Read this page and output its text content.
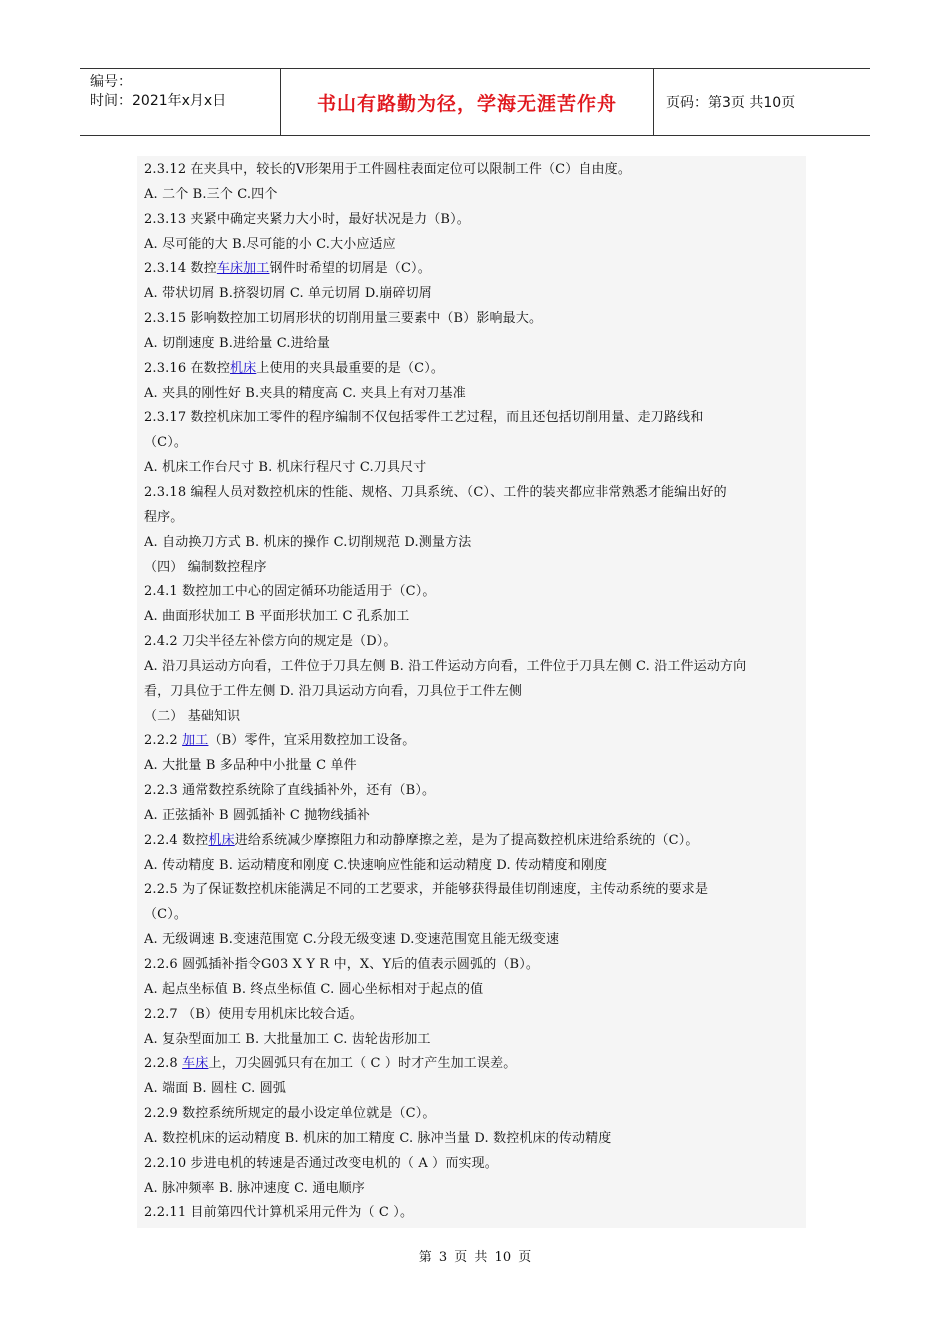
编号：
时间：2021年x月x日	书山有路勤为径，学海无涯苦作舟	页码：第3页 共10页
2.3.12 在夹具中，较长的V形架用于工件圆柱表面定位可以限制工件（C）自由度。
A. 二个 B.三个 C.四个
2.3.13 夹紧中确定夹紧力大小时，最好状况是力（B）。
A. 尽可能的大 B.尽可能的小 C.大小应适应
2.3.14 数控车床加工钢件时希望的切屑是（C）。
A. 带状切屑 B.挤裂切屑 C. 单元切屑 D.崩碎切屑
2.3.15 影响数控加工切屑形状的切削用量三要素中（B）影响最大。
A. 切削速度 B.进给量 C.进给量
2.3.16 在数控机床上使用的夹具最重要的是（C）。
A. 夹具的刚性好 B.夹具的精度高 C. 夹具上有对刀基准
2.3.17 数控机床加工零件的程序编制不仅包括零件工艺过程，而且还包括切削用量、走刀路线和
（C）。
A. 机床工作台尺寸 B. 机床行程尺寸 C.刀具尺寸
2.3.18 编程人员对数控机床的性能、规格、刀具系统、（C）、工件的装夹都应非常熟悉才能编出好的
程序。
A. 自动换刀方式 B. 机床的操作 C.切削规范 D.测量方法
（四） 编制数控程序
2.4.1 数控加工中心的固定循环功能适用于（C）。
A. 曲面形状加工 B 平面形状加工 C 孔系加工
2.4.2 刀尖半径左补偿方向的规定是（D）。
A. 沿刀具运动方向看，工件位于刀具左侧 B. 沿工件运动方向看，工件位于刀具左侧 C. 沿工件运动方向
看，刀具位于工件左侧 D. 沿刀具运动方向看，刀具位于工件左侧
（二） 基础知识
2.2.2 加工（B）零件，宜采用数控加工设备。
A. 大批量 B 多品种中小批量 C 单件
2.2.3 通常数控系统除了直线插补外，还有（B）。
A. 正弦插补 B 圆弧插补 C 抛物线插补
2.2.4 数控机床进给系统减少摩擦阻力和动静摩擦之差，是为了提高数控机床进给系统的（C）。
A. 传动精度 B. 运动精度和刚度 C.快速响应性能和运动精度 D. 传动精度和刚度
2.2.5 为了保证数控机床能满足不同的工艺要求，并能够获得最佳切削速度，主传动系统的要求是
（C）。
A. 无级调速 B.变速范围宽 C.分段无级变速 D.变速范围宽且能无级变速
2.2.6 圆弧插补指令G03 X Y R 中，X、Y后的值表示圆弧的（B）。
A. 起点坐标值 B. 终点坐标值 C. 圆心坐标相对于起点的值
2.2.7 （B）使用专用机床比较合适。
A. 复杂型面加工 B. 大批量加工 C. 齿轮齿形加工
2.2.8 车床上，刀尖圆弧只有在加工（ C ）时才产生加工误差。
A. 端面 B. 圆柱 C. 圆弧
2.2.9 数控系统所规定的最小设定单位就是（C）。
A. 数控机床的运动精度 B. 机床的加工精度 C. 脉冲当量 D. 数控机床的传动精度
2.2.10 步进电机的转速是否通过改变电机的（ A ）而实现。
A. 脉冲频率 B. 脉冲速度 C. 通电顺序
2.2.11 目前第四代计算机采用元件为（ C ）。
第 3 页 共 10 页
